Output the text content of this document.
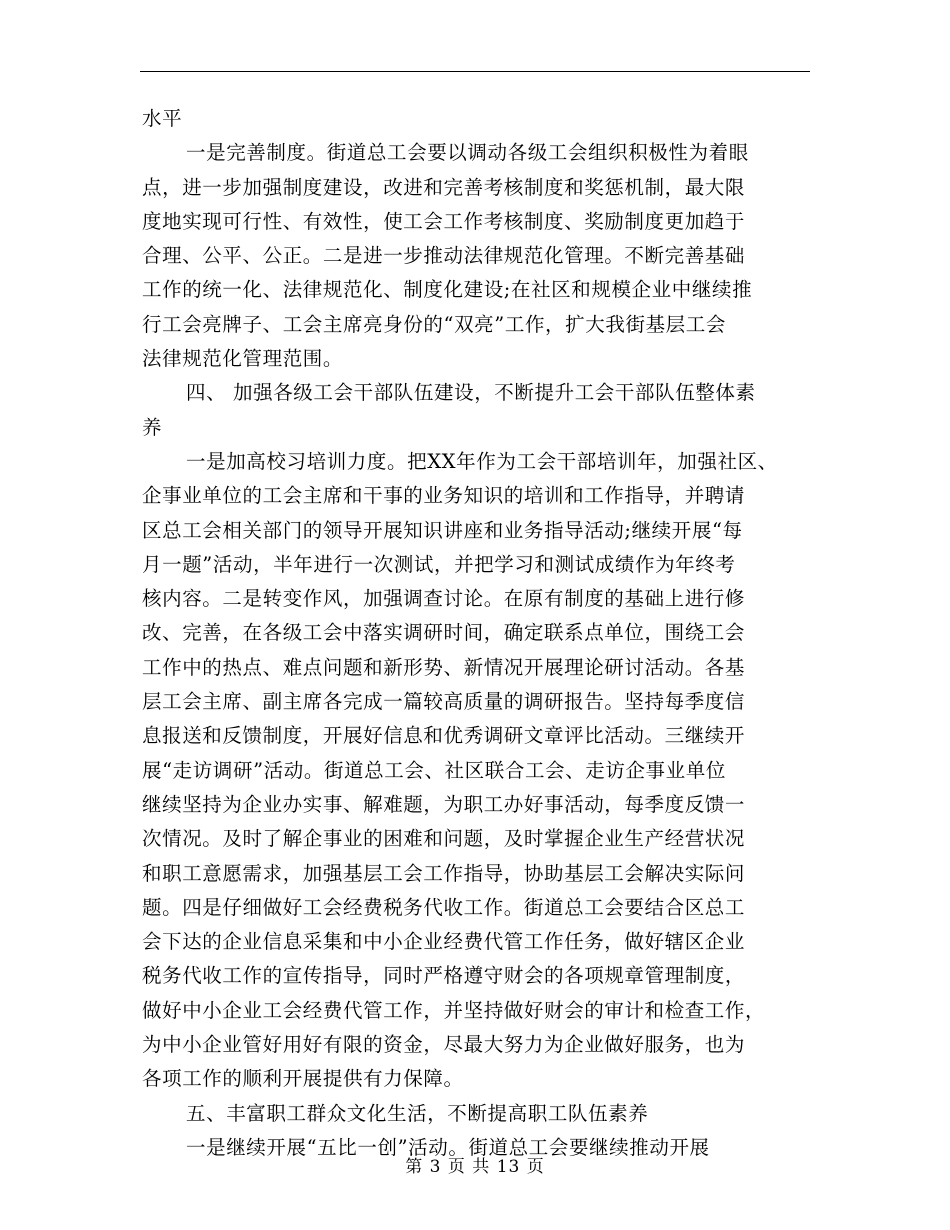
水平
一是完善制度。街道总工会要以调动各级工会组织积极性为着眼
点，进一步加强制度建设，改进和完善考核制度和奖惩机制，最大限
度地实现可行性、有效性，使工会工作考核制度、奖励制度更加趋于
合理、公平、公正。二是进一步推动法律规范化管理。不断完善基础
工作的统一化、法律规范化、制度化建设;在社区和规模企业中继续推
行工会亮牌子、工会主席亮身份的“双亮”工作，扩大我街基层工会
法律规范化管理范围。
四、 加强各级工会干部队伍建设，不断提升工会干部队伍整体素
养
一是加高校习培训力度。把XX年作为工会干部培训年，加强社区、
企事业单位的工会主席和干事的业务知识的培训和工作指导，并聘请
区总工会相关部门的领导开展知识讲座和业务指导活动;继续开展“每
月一题”活动，半年进行一次测试，并把学习和测试成绩作为年终考
核内容。二是转变作风，加强调查讨论。在原有制度的基础上进行修
改、完善，在各级工会中落实调研时间，确定联系点单位，围绕工会
工作中的热点、难点问题和新形势、新情况开展理论研讨活动。各基
层工会主席、副主席各完成一篇较高质量的调研报告。坚持每季度信
息报送和反馈制度，开展好信息和优秀调研文章评比活动。三继续开
展“走访调研”活动。街道总工会、社区联合工会、走访企事业单位
继续坚持为企业办实事、解难题，为职工办好事活动，每季度反馈一
次情况。及时了解企事业的困难和问题，及时掌握企业生产经营状况
和职工意愿需求，加强基层工会工作指导，协助基层工会解决实际问
题。四是仔细做好工会经费税务代收工作。街道总工会要结合区总工
会下达的企业信息采集和中小企业经费代管工作任务，做好辖区企业
税务代收工作的宣传指导，同时严格遵守财会的各项规章管理制度，
做好中小企业工会经费代管工作，并坚持做好财会的审计和检查工作，
为中小企业管好用好有限的资金，尽最大努力为企业做好服务，也为
各项工作的顺利开展提供有力保障。
五、丰富职工群众文化生活，不断提高职工队伍素养
一是继续开展“五比一创”活动。街道总工会要继续推动开展
第 3 页 共 13 页
